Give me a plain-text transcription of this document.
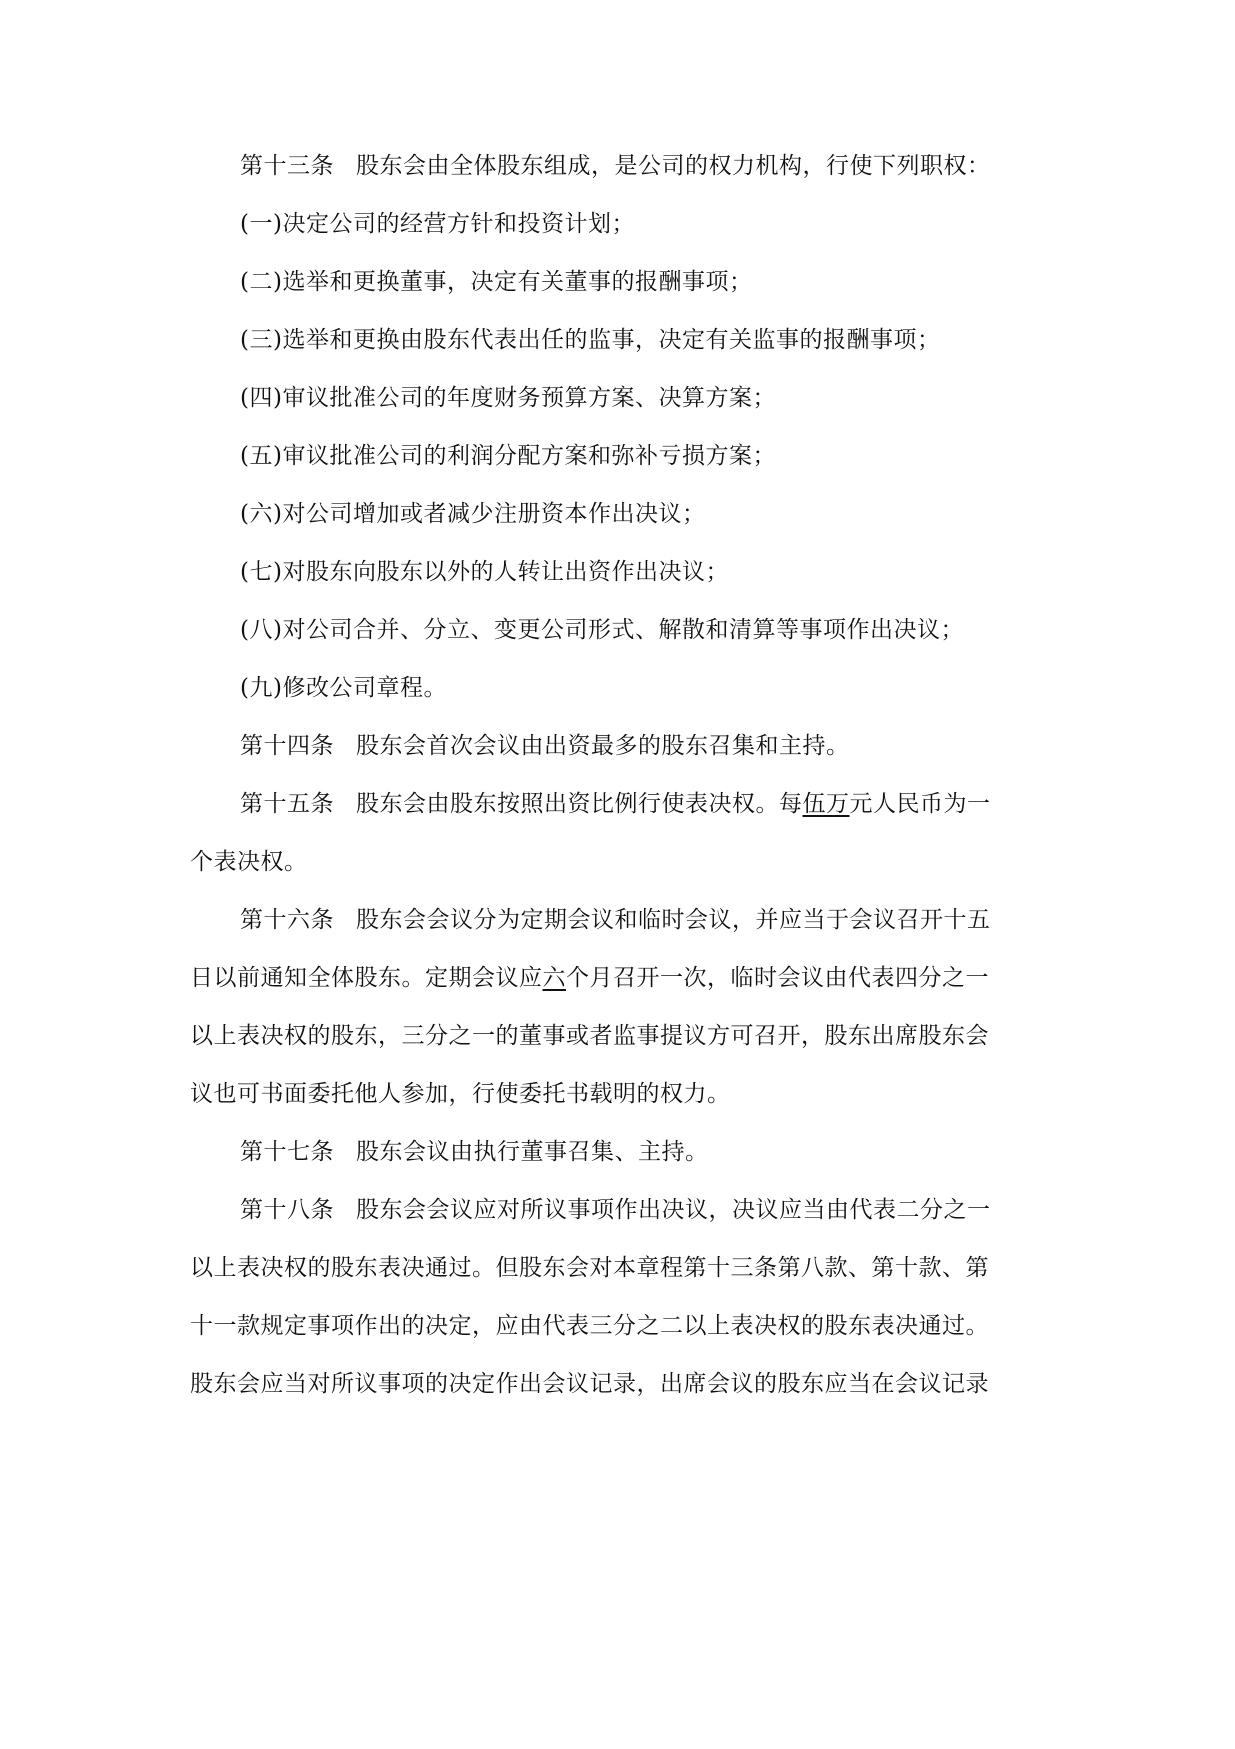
第十三条 股东会由全体股东组成，是公司的权力机构，行使下列职权：
(一)决定公司的经营方针和投资计划；
(二)选举和更换董事，决定有关董事的报酬事项；
(三)选举和更换由股东代表出任的监事，决定有关监事的报酬事项；
(四)审议批准公司的年度财务预算方案、决算方案；
(五)审议批准公司的利润分配方案和弥补亏损方案；
(六)对公司增加或者减少注册资本作出决议；
(七)对股东向股东以外的人转让出资作出决议；
(八)对公司合并、分立、变更公司形式、解散和清算等事项作出决议；
(九)修改公司章程。
第十四条 股东会首次会议由出资最多的股东召集和主持。
第十五条 股东会由股东按照出资比例行使表决权。每伍万元人民币为一
个表决权。
第十六条 股东会会议分为定期会议和临时会议，并应当于会议召开十五
日以前通知全体股东。定期会议应六个月召开一次，临时会议由代表四分之一
以上表决权的股东，三分之一的董事或者监事提议方可召开，股东出席股东会
议也可书面委托他人参加，行使委托书载明的权力。
第十七条 股东会议由执行董事召集、主持。
第十八条 股东会会议应对所议事项作出决议，决议应当由代表二分之一
以上表决权的股东表决通过。但股东会对本章程第十三条第八款、第十款、第
十一款规定事项作出的决定，应由代表三分之二以上表决权的股东表决通过。
股东会应当对所议事项的决定作出会议记录，出席会议的股东应当在会议记录
